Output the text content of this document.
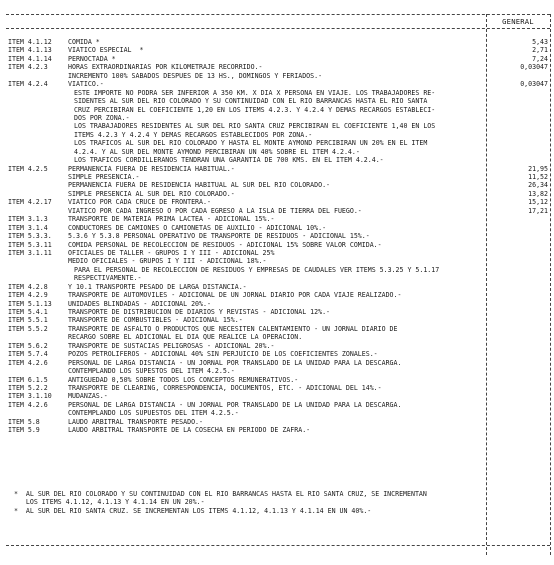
GENERAL
ITEM 4.1.12 COMIDA *	5,43
ITEM 4.1.13 VIATICO ESPECIAL  *	2,71
ITEM 4.1.14 PERNOCTADA *	7,24
ITEM 4.2.3	HORAS EXTRAORDINARIAS POR KILOMETRAJE RECORRIDO.-	0,03047
INCREMENTO 100% SABADOS DESPUES DE 13 HS., DOMINGOS Y FERIADOS.-
ITEM 4.2.4	VIATICO.-	0,03047
ESTE IMPORTE NO PODRA SER INFERIOR A 350 KM. X DIA X PERSONA EN VIAJE. LOS TRABAJADORES RE-
SIDENTES AL SUR DEL RIO COLORADO Y SU CONTINUIDAD CON EL RIO BARRANCAS HASTA EL RIO SANTA
CRUZ PERCIBIRAN EL COEFICIENTE 1,20 EN LOS ITEMS 4.2.3. Y 4.2.4 Y DEMAS RECARGOS ESTABLECI-
DOS POR ZONA.-
LOS TRABAJADORES RESIDENTES AL SUR DEL RIO SANTA CRUZ PERCIBIRAN EL COEFICIENTE 1,40 EN LOS
ITEMS 4.2.3 Y 4.2.4 Y DEMAS RECARGOS ESTABLECIDOS POR ZONA.-
LOS TRAFICOS AL SUR DEL RIO COLORADO Y HASTA EL MONTE AYMOND PERCIBIRAN UN 20% EN EL ITEM
4.2.4. Y AL SUR DEL MONTE AYMOND PERCIBIRAN UN 40% SOBRE EL ITEM 4.2.4.-
LOS TRAFICOS CORDILLERANOS TENDRAN UNA GARANTIA DE 700 KMS. EN EL ITEM 4.2.4.-
ITEM 4.2.5	PERMANENCIA FUERA DE RESIDENCIA HABITUAL.-	21,95
SIMPLE PRESENCIA.-	11,52
PERMANENCIA FUERA DE RESIDENCIA HABITUAL AL SUR DEL RIO COLORADO.-	26,34
SIMPLE PRESENCIA AL SUR DEL RIO COLORADO.-	13,82
ITEM 4.2.17 VIATICO POR CADA CRUCE DE FRONTERA.-	15,12
VIATICO POR CADA INGRESO O POR CADA EGRESO A LA ISLA DE TIERRA DEL FUEGO.-	17,21
ITEM 3.1.3	TRANSPORTE DE MATERIA PRIMA LACTEA - ADICIONAL 15%.-
ITEM 3.1.4	CONDUCTORES DE CAMIONES O CAMIONETAS DE AUXILIO - ADICIONAL 10%.-
ITEM 5.3.3. 5.3.6 Y 5.3.8 PERSONAL OPERATIVO DE TRANSPORTE DE RESIDUOS - ADICIONAL 15%.-
ITEM 5.3.11 COMIDA PERSONAL DE RECOLECCION DE RESIDUOS - ADICIONAL 15% SOBRE VALOR COMIDA.-
ITEM 3.1.11 OFICIALES DE TALLER - GRUPOS I Y III - ADICIONAL 25%
MEDIO OFICIALES - GRUPOS I Y III - ADICIONAL 18%.-
PARA EL PERSONAL DE RECOLECCION DE RESIDUOS Y EMPRESAS DE CAUDALES VER ITEMS 5.3.25 Y 5.1.17
RESPECTIVAMENTE.-
ITEM 4.2.8	Y 10.1 TRANSPORTE PESADO DE LARGA DISTANCIA.-
ITEM 4.2.9	TRANSPORTE DE AUTOMOVILES - ADICIONAL DE UN JORNAL DIARIO POR CADA VIAJE REALIZADO.-
ITEM 5.1.13 UNIDADES BLINDADAS - ADICIONAL 20%.-
ITEM 5.4.1	TRANSPORTE DE DISTRIBUCION DE DIARIOS Y REVISTAS - ADICIONAL 12%.-
ITEM 5.5.1	TRANSPORTE DE COMBUSTIBLES - ADICIONAL 15%.-
ITEM 5.5.2	TRANSPORTE DE ASFALTO O PRODUCTOS QUE NECESITEN CALENTAMIENTO - UN JORNAL DIARIO DE
RECARGO SOBRE EL ADICIONAL EL DIA QUE REALICE LA OPERACION.
ITEM 5.6.2	TRANSPORTE DE SUSTACIAS PELIGROSAS - ADICIONAL 20%.-
ITEM 5.7.4	POZOS PETROLIFEROS - ADICIONAL 40% SIN PERJUICIO DE LOS COEFICIENTES ZONALES.-
ITEM 4.2.6	PERSONAL DE LARGA DISTANCIA - UN JORNAL POR TRANSLADO DE LA UNIDAD PARA LA DESCARGA.
CONTEMPLANDO LOS SUPESTOS DEL ITEM 4.2.5.-
ITEM 6.1.5	ANTIGUEDAD 0,50% SOBRE TODOS LOS CONCEPTOS REMUNERATIVOS.-
ITEM 5.2.2	TRANSPORTE DE CLEARING, CORRESPONDENCIA, DOCUMENTOS, ETC. - ADICIONAL DEL 14%.-
ITEM 3.1.10 MUDANZAS.-
ITEM 4.2.6	PERSONAL DE LARGA DISTANCIA - UN JORNAL POR TRANSLADO DE LA UNIDAD PARA LA DESCARGA.
CONTEMPLANDO LOS SUPUESTOS DEL ITEM 4.2.5.-
ITEM 5.8	LAUDO ARBITRAL TRANSPORTE PESADO.-
ITEM 5.9	LAUDO ARBITRAL TRANSPORTE DE LA COSECHA EN PERIODO DE ZAFRA.-
*  AL SUR DEL RIO COLORADO Y SU CONTINUIDAD CON EL RIO BARRANCAS HASTA EL RIO SANTA CRUZ, SE INCREMENTAN
LOS ITEMS 4.1.12, 4.1.13 Y 4.1.14 EN UN 20%.-
*  AL SUR DEL RIO SANTA CRUZ. SE INCREMENTAN LOS ITEMS 4.1.12, 4.1.13 Y 4.1.14 EN UN 40%.-
